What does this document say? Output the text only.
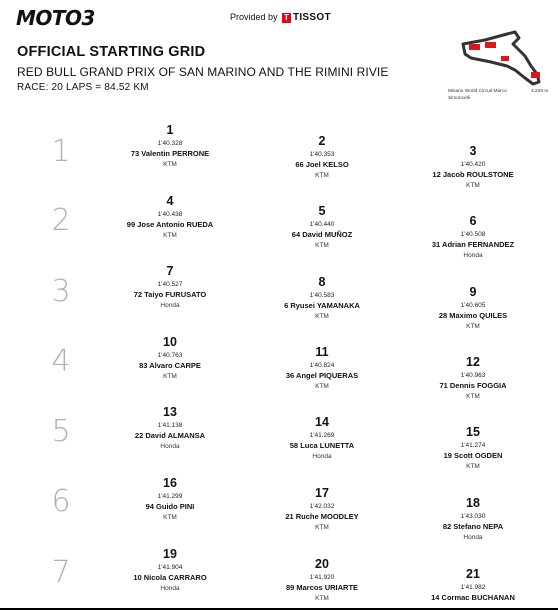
MOTO3	Provided by T TISSOT
OFFICIAL STARTING GRID
RED BULL GRAND PRIX OF SAN MARINO AND THE RIMINI RIVIE
RACE: 20 LAPS = 84.52 KM	Misano World Circuit Marco Simoncelli
4.226 m
1
2
3
4
5
6
7
1
1'40.328
73 Valentin PERRONE
KTM
2
1'40.353
66 Joel KELSO
KTM
3
1'40.420
12 Jacob ROULSTONE
KTM
4
1'40.438
99 Jose Antonio RUEDA
KTM
5
1'40.440
64 David MUÑOZ
KTM
6
1'40.508
31 Adrian FERNANDEZ
Honda
7
1'40.527
72 Taiyo FURUSATO
Honda
8
1'40.583
6 Ryusei YAMANAKA
KTM
9
1'40.605
28 Maximo QUILES
KTM
10
1'40.763
83 Alvaro CARPE
KTM
11
1'40.824
36 Angel PIQUERAS
KTM
12
1'40.963
71 Dennis FOGGIA
KTM
13
1'41.138
22 David ALMANSA
Honda
14
1'41.269
58 Luca LUNETTA
Honda
15
1'41.274
19 Scott OGDEN
KTM
16
1'41.299
94 Guido PINI
KTM
17
1'42.032
21 Ruche MOODLEY
KTM
18
1'43.030
82 Stefano NEPA
Honda
19
1'41.904
10 Nicola CARRARO
Honda
20
1'41.920
89 Marcos URIARTE
KTM
21
1'41.982
14 Cormac BUCHANAN
